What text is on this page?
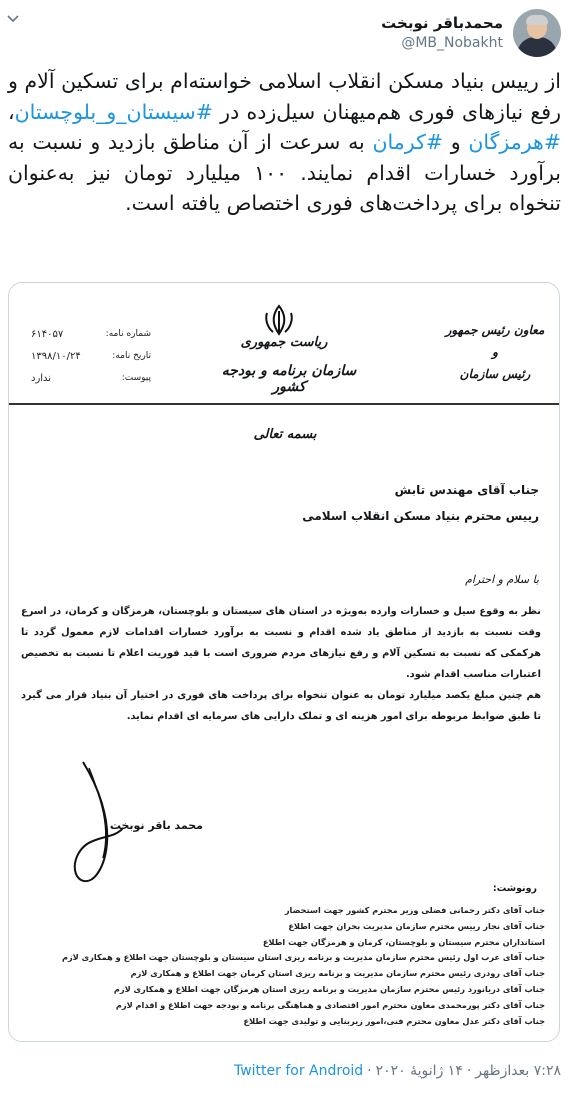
محمدباقر نوبخت
@MB_Nobakht
از رییس بنیاد مسکن انقلاب اسلامی خواسته‌ام برای تسکین آلام و رفع نیازهای فوری هم‌میهنان سیل‌زده در #سیستان_و_بلوچستان، #هرمزگان و #کرمان به سرعت از آن مناطق بازدید و نسبت به برآورد خسارات اقدام نمایند. ۱۰۰ میلیارد تومان نیز به‌عنوان تنخواه برای پرداخت‌های فوری اختصاص یافته است.
شماره نامه:
۶۱۴۰۵۷
تاریخ نامه:
۱۳۹۸/۱۰/۲۴
پیوست:
ندارد
ریاست جمهوری
سازمان برنامه و بودجه کشور
معاون رئیس جمهور
و
رئیس سازمان
بسمه تعالی
جناب آقای مهندس تابش
رییس محترم بنیاد مسکن انقلاب اسلامی
با سلام و احترام

نظر به وقوع سیل و خسارات وارده به‌ویژه در استان های سیستان و بلوچستان، هرمزگان و کرمان، در اسرع وقت نسبت به بازدید از مناطق یاد شده اقدام و نسبت به برآورد خسارات اقدامات لازم معمول گردد تا هرکمکی که نسبت به تسکین آلام و رفع نیازهای مردم ضروری است با قید فوریت اعلام تا نسبت به تخصیص اعتبارات مناسب اقدام شود.

هم چنین مبلغ یکصد میلیارد تومان به عنوان تنخواه برای پرداخت های فوری در اختیار آن بنیاد قرار می گیرد تا طبق ضوابط مربوطه برای امور هزینه ای و تملک دارایی های سرمایه ای اقدام نماید.

محمد باقر نوبخت
رونوشت:
جناب آقای دکتر رحمانی فضلی وزیر محترم کشور جهت استحضار
جناب آقای نجار رییس محترم سازمان مدیریت بحران جهت اطلاع
استانداران محترم سیستان و بلوچستان، کرمان و هرمزگان جهت اطلاع
جناب آقای عرب اول رئیس محترم سازمان مدیریت و برنامه ریزی استان سیستان و بلوچستان جهت اطلاع و همکاری لازم
جناب آقای رودری رئیس محترم سازمان مدیریت و برنامه ریزی استان کرمان جهت اطلاع و همکاری لازم
جناب آقای دریانورد رئیس محترم سازمان مدیریت و برنامه ریزی استان هرمزگان جهت اطلاع و همکاری لازم
جناب آقای دکتر پورمحمدی معاون محترم امور اقتصادی و هماهنگی برنامه و بودجه جهت اطلاع و اقدام لازم
جناب آقای دکتر عدل معاون محترم فنی،امور زیربنایی و تولیدی جهت اطلاع
۷:۲۸ بعدازظهر
·
۱۴ ژانویهٔ ۲۰۲۰
·
Twitter for Android
